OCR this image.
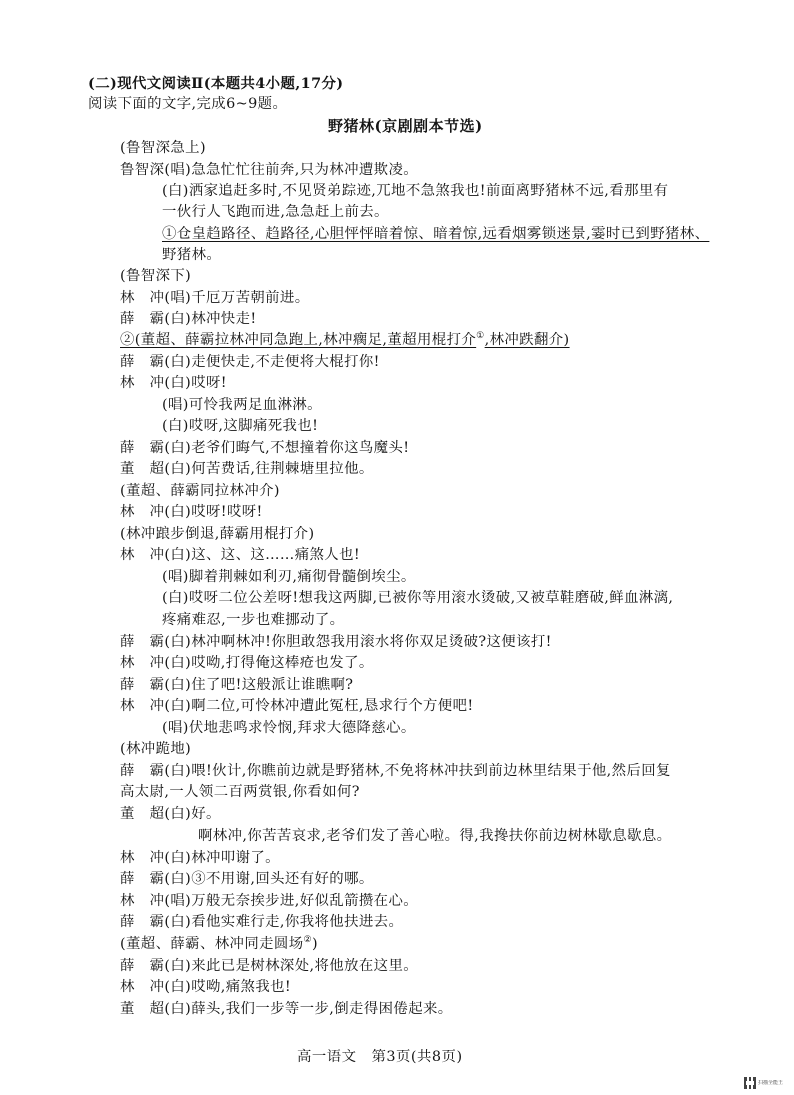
(二)现代文阅读Ⅱ(本题共4小题,17分)
阅读下面的文字,完成6~9题。
野猪林(京剧剧本节选)
(鲁智深急上)
鲁智深(唱)急急忙忙往前奔,只为林冲遭欺凌。
(白)洒家追赶多时,不见贤弟踪迹,兀地不急煞我也!前面离野猪林不远,看那里有
一伙行人飞跑而进,急急赶上前去。
①仓皇趋路径、趋路径,心胆怦怦暗着惊、暗着惊,远看烟雾锁迷景,霎时已到野猪林、
野猪林。
(鲁智深下)
林　冲(唱)千厄万苦朝前进。
薛　霸(白)林冲快走!
②(董超、薛霸拉林冲同急跑上,林冲瘸足,董超用棍打介①,林冲跌翻介)
薛　霸(白)走便快走,不走便将大棍打你!
林　冲(白)哎呀!
(唱)可怜我两足血淋淋。
(白)哎呀,这脚痛死我也!
薛　霸(白)老爷们晦气,不想撞着你这鸟魔头!
董　超(白)何苦费话,往荆棘塘里拉他。
(董超、薛霸同拉林冲介)
林　冲(白)哎呀!哎呀!
(林冲踉步倒退,薛霸用棍打介)
林　冲(白)这、这、这……痛煞人也!
(唱)脚着荆棘如利刃,痛彻骨髓倒埃尘。
(白)哎呀二位公差呀!想我这两脚,已被你等用滚水烫破,又被草鞋磨破,鲜血淋漓,
疼痛难忍,一步也难挪动了。
薛　霸(白)林冲啊林冲!你胆敢怨我用滚水将你双足烫破?这便该打!
林　冲(白)哎呦,打得俺这棒疮也发了。
薛　霸(白)住了吧!这般派让谁瞧啊?
林　冲(白)啊二位,可怜林冲遭此冤枉,恳求行个方便吧!
(唱)伏地悲鸣求怜悯,拜求大德降慈心。
(林冲跪地)
薛　霸(白)喂!伙计,你瞧前边就是野猪林,不免将林冲扶到前边林里结果于他,然后回复
高太尉,一人领二百两赏银,你看如何?
董　超(白)好。
啊林冲,你苦苦哀求,老爷们发了善心啦。得,我搀扶你前边树林歇息歇息。
林　冲(白)林冲叩谢了。
薛　霸(白)③不用谢,回头还有好的哪。
林　冲(唱)万般无奈挨步进,好似乱箭攒在心。
薛　霸(白)看他实难行走,你我将他扶进去。
(董超、薛霸、林冲同走圆场②)
薛　霸(白)来此已是树林深处,将他放在这里。
林　冲(白)哎呦,痛煞我也!
董　超(白)薛头,我们一步等一步,倒走得困倦起来。
高一语文　第3页(共8页)
扫描全能王
